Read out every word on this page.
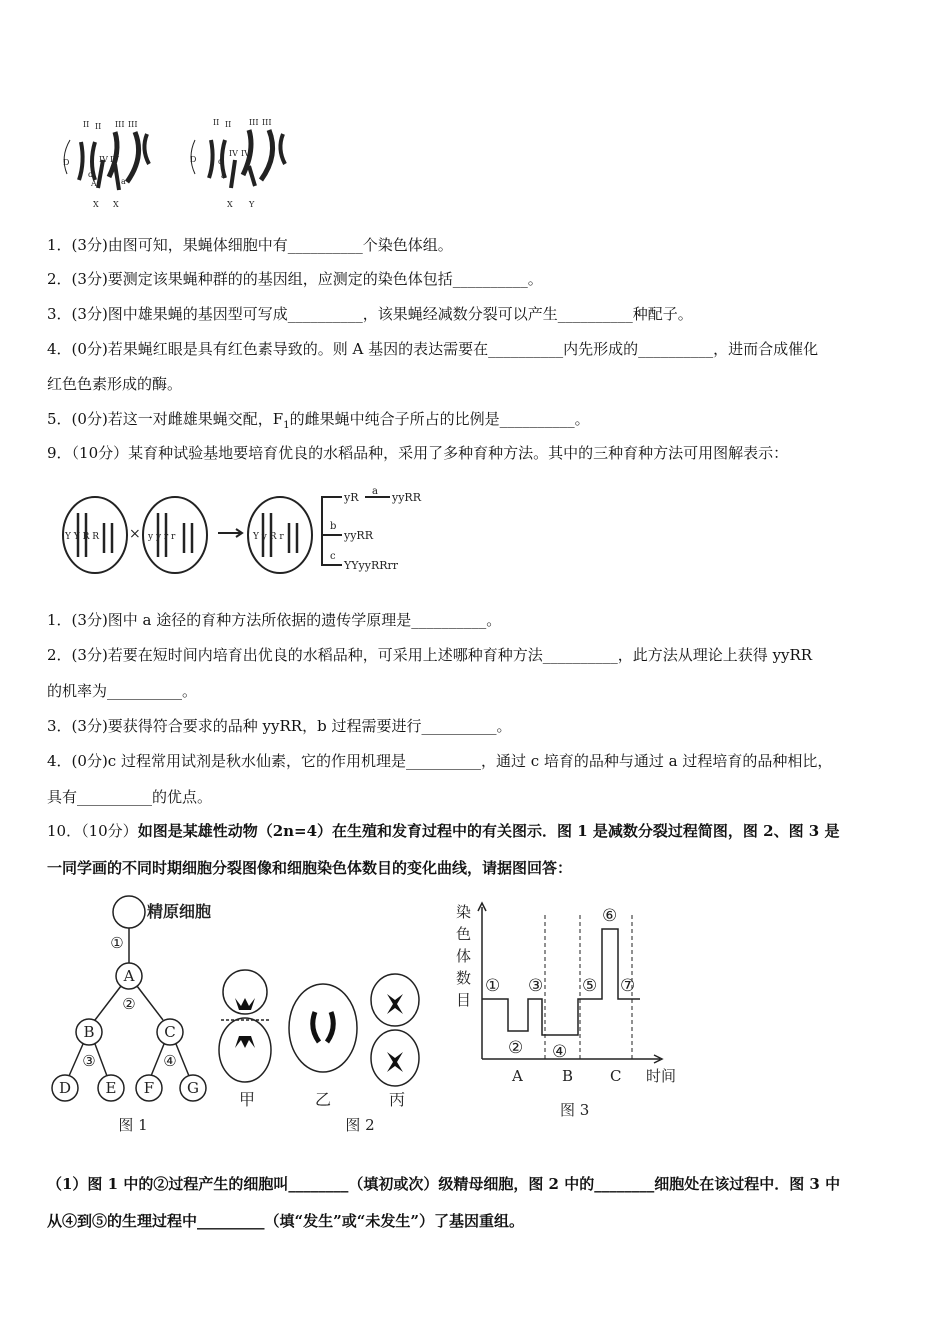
II II III III
D
d
IV IV
A	a
X X
II II III III
D	d
IV IV
a
X Y
1．(3分)由图可知，果蝇体细胞中有__________个染色体组。
2．(3分)要测定该果蝇种群的的基因组，应测定的染色体包括__________。
3．(3分)图中雄果蝇的基因型可写成__________，该果蝇经减数分裂可以产生__________种配子。
4．(0分)若果蝇红眼是具有红色素导致的。则 A 基因的表达需要在__________内先形成的__________，进而合成催化
红色色素形成的酶。
5．(0分)若这一对雌雄果蝇交配，$F_1$的雌果蝇中纯合子所占的比例是__________。
9．（10分）某育种试验基地要培育优良的水稻品种，采用了多种育种方法。其中的三种育种方法可用图解表示：
Y Y R R	y y r r	Y y R r
×
yR a yyRR
b
yyRR
c
YYyyRRrr
1．(3分)图中 a 途径的育种方法所依据的遗传学原理是__________。
2．(3分)若要在短时间内培育出优良的水稻品种，可采用上述哪种育种方法__________，此方法从理论上获得 yyRR
的机率为__________。
3．(3分)要获得符合要求的品种 yyRR，b 过程需要进行__________。
4．(0分)c 过程常用试剂是秋水仙素，它的作用机理是__________，通过 c 培育的品种与通过 a 过程培育的品种相比，
具有__________的优点。
10．（10分）如图是某雄性动物（2n=4）在生殖和发育过程中的有关图示．图 1 是减数分裂过程简图，图 2、图 3 是
一同学画的不同时期细胞分裂图像和细胞染色体数目的变化曲线，请据图回答：
精原细胞
①
A
②
B	C
③	④
D E F G
图 1
甲	乙	丙
图 2
染
色
体
数
目
①
②
③
④
⑤
⑥
⑦
A	B C 时间
图 3
（1）图 1 中的②过程产生的细胞叫________（填初或次）级精母细胞，图 2 中的________细胞处在该过程中．图 3 中
从④到⑤的生理过程中_________（填“发生”或“未发生”）了基因重组。
